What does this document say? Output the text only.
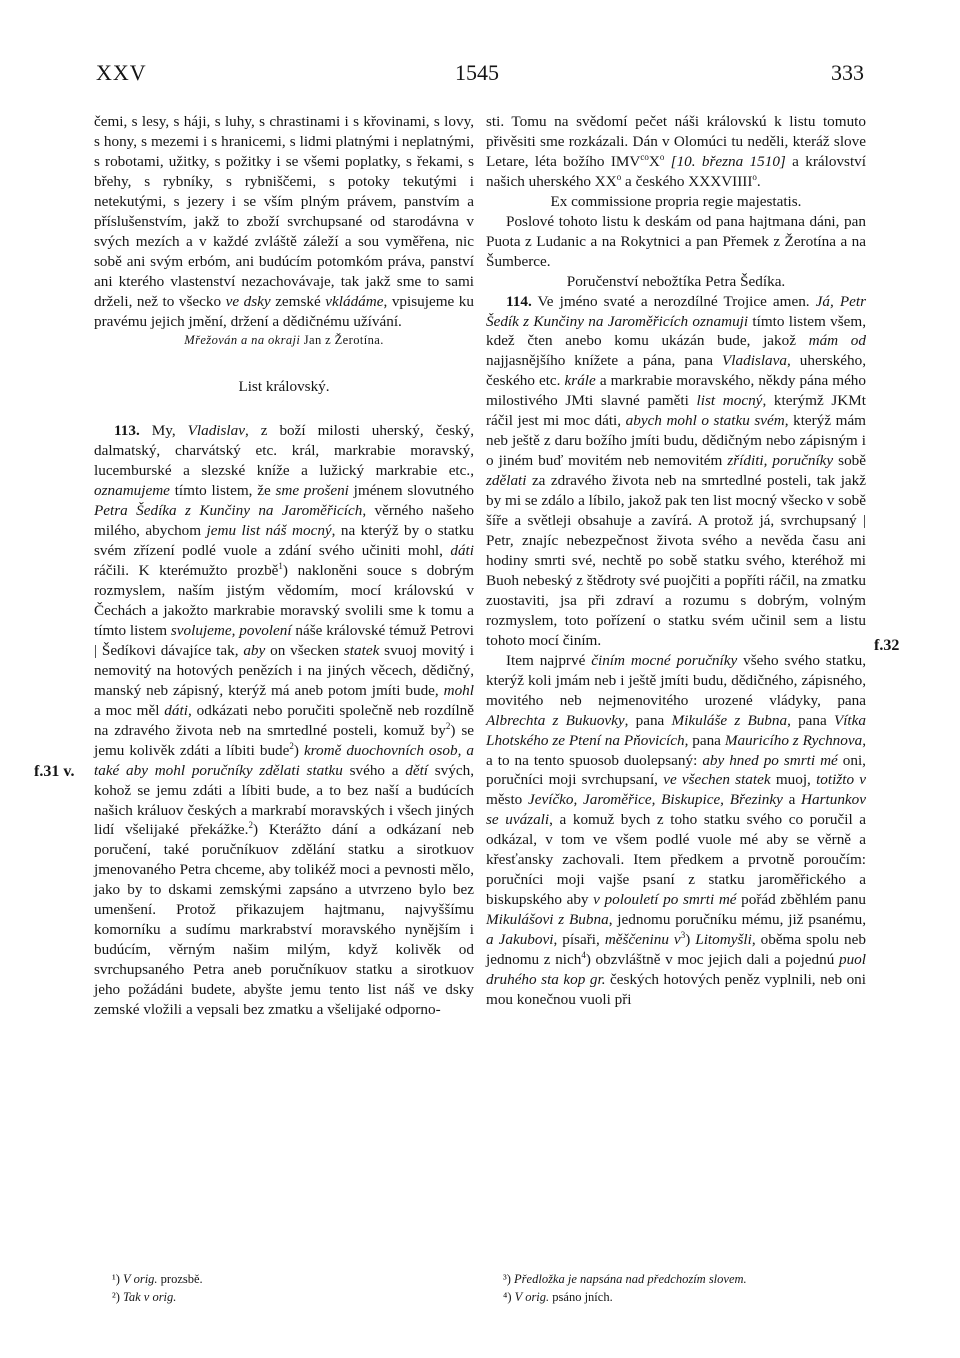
XXV	1545	333
f.31 v.
f.32

čemi, s lesy, s háji, s luhy, s chrastinami i s křovinami, s lovy, s hony, s mezemi i s hranicemi, s lidmi platnými i neplatnými, s robotami, užitky, s požitky i se všemi poplatky, s řekami, s břehy, s rybníky, s rybniščemi, s potoky tekutými i netekutými, s jezery i se vším plným právem, panstvím a příslušenstvím, jakž to zboží svrchupsané od starodávna v svých mezích a v každé zvláště záleží a sou vyměřena, nic sobě ani svým erbóm, ani budúcím potomkóm práva, panství ani kterého vlastenství nezachovávaje, tak jakž sme to sami drželi, než to všecko ve dsky zemské vkládáme, vpisujeme ku pravému jejich jmění, držení a dědičnému užívání.

Mřežován a na okraji Jan z Žerotína.

List královský.

113. My, Vladislav, z boží milosti uherský, český, dalmatský, charvátský etc. král, markrabie moravský, lucemburské a slezské kníže a lužický markrabie etc., oznamujeme tímto listem, že sme prošeni jménem slovutného Petra Šedíka z Kunčiny na Jaroměřicích, věrného našeho milého, abychom jemu list náš mocný, na kterýž by o statku svém zřízení podlé vuole a zdání svého učiniti mohl, dáti ráčili. K kterémužto prozbě$^1$) nakloněni souce s dobrým rozmyslem, naším jistým vědomím, mocí královskú v Čechách a jakožto markrabie moravský svolili sme k tomu a tímto listem svolujeme, povolení náše královské témuž Petrovi | Šedíkovi dávajíce tak, aby on všecken statek svuoj movitý i nemovitý na hotových penězích i na jiných věcech, dědičný, manský neb zápisný, kterýž má aneb potom jmíti bude, mohl a moc měl dáti, odkázati nebo poručiti společně neb rozdílně na zdravého života neb na smrtedlné posteli, komuž $by^2$) se jemu kolivěk zdáti a líbiti bude$^2$) kromě duochovních osob, a také aby mohl poručníky zdělati statku svého a dětí svých, kohož se jemu zdáti a líbiti bude, a to bez naší a budúcích našich králuov českých a markrabí moravských i všech jiných lidí všelijaké překážke.$^2$) Kterážto dání a odkázaní neb poručení, také poručníkuov zdělání statku a sirotkuov jmenovaného Petra chceme, aby tolikéž moci a pevnosti mělo, jako by to dskami zemskými zapsáno a utvrzeno bylo bez umenšení. Protož přikazujem hajtmanu, najvyššímu komorníku a sudímu markrabství moravského nynějším i budúcím, věrným našim milým, když kolivěk od svrchupsaného Petra aneb poručníkuov statku a sirotkuov jeho požádáni budete, abyšte jemu tento list náš ve dsky zemské vložili a vepsali bez zmatku a všelijaké odporno-

sti. Tomu na svědomí pečet náši královskú k listu tomuto přivěsiti sme rozkázali. Dán v Olomúci tu neděli, kteráž slove Letare, léta božího $IMV^{co}X^o$ [10. března 1510] a království našich uherského $XX^o$ a českého XXXVIIII$^o$.

Ex commissione propria regie majestatis.

Poslové tohoto listu k deskám od pana hajtmana dáni, pan Puota z Ludanic a na Rokytnici a pan Přemek z Žerotína a na Šumberce.

Poručenství nebožtíka Petra Šedíka.

114. Ve jméno svaté a nerozdílné Trojice amen. Já, Petr Šedík z Kunčiny na Jaroměřicích oznamuji tímto listem všem, kdež čten anebo komu ukázán bude, jakož mám od najjasnějšího knížete a pána, pana Vladislava, uherského, českého etc. krále a markrabie moravského, někdy pána mého milostivého JMti slavné paměti list mocný, kterýmž JKMt ráčil jest mi moc dáti, abych mohl o statku svém, kterýž mám neb ještě z daru božího jmíti budu, dědičným nebo zápisným i o jiném buď movitém neb nemovitém zříditi, poručníky sobě zdělati za zdravého života neb na smrtedlné posteli, tak jakž by mi se zdálo a líbilo, jakož pak ten list mocný všecko v sobě šíře a světleji obsahuje a zavírá. A protož já, svrchupsaný | Petr, znajíc nebezpečnost života svého a nevěda času ani hodiny smrti své, nechtě po sobě statku svého, kteréhož mi Buoh nebeský z štědroty své puojčiti a popříti ráčil, na zmatku zuostaviti, jsa při zdraví a rozumu s dobrým, volným rozmyslem, toto pořízení o statku svém učinil sem a listu tohoto mocí činím.

Item najprvé činím mocné poručníky všeho svého statku, kterýž koli jmám neb i ještě jmíti budu, dědičného, zápisného, movitého neb nejmenovitého urozené vládyky, pana Albrechta z Bukuovky, pana Mikuláše z Bubna, pana Vítka Lhotského ze Ptení na Pňovicích, pana Mauricího z Rychnova, a to na tento spuosob duolepsaný: aby hned po smrti mé oni, poručníci moji svrchupsaní, ve všechen statek muoj, totižto v město Jevíčko, Jaroměřice, Biskupice, Březinky a Hartunkov se uvázali, a komuž bych z toho statku svého co poručil a odkázal, v tom ve všem podlé vuole mé aby se věrně a křesťansky zachovali. Item předkem a prvotně poroučím: poručníci moji vajše psaní z statku jaroměřického a biskupského aby v polouletí po smrti mé pořád zběhlém panu Mikulášovi z Bubna, jednomu poručníku mému, již psanému, a Jakubovi, písaři, měščeninu $v^3$) Litomyšli, oběma spolu neb jednomu z nich$^4$) obzvláštně v moc jejich dali a pojednú puol druhého sta kop gr. českých hotových peněz vyplnili, neb oni mou konečnou vuoli při

¹) V orig. prozsbě.
²) Tak v orig.
³) Předložka je napsána nad předchozím slovem.
⁴) V orig. psáno jních.
